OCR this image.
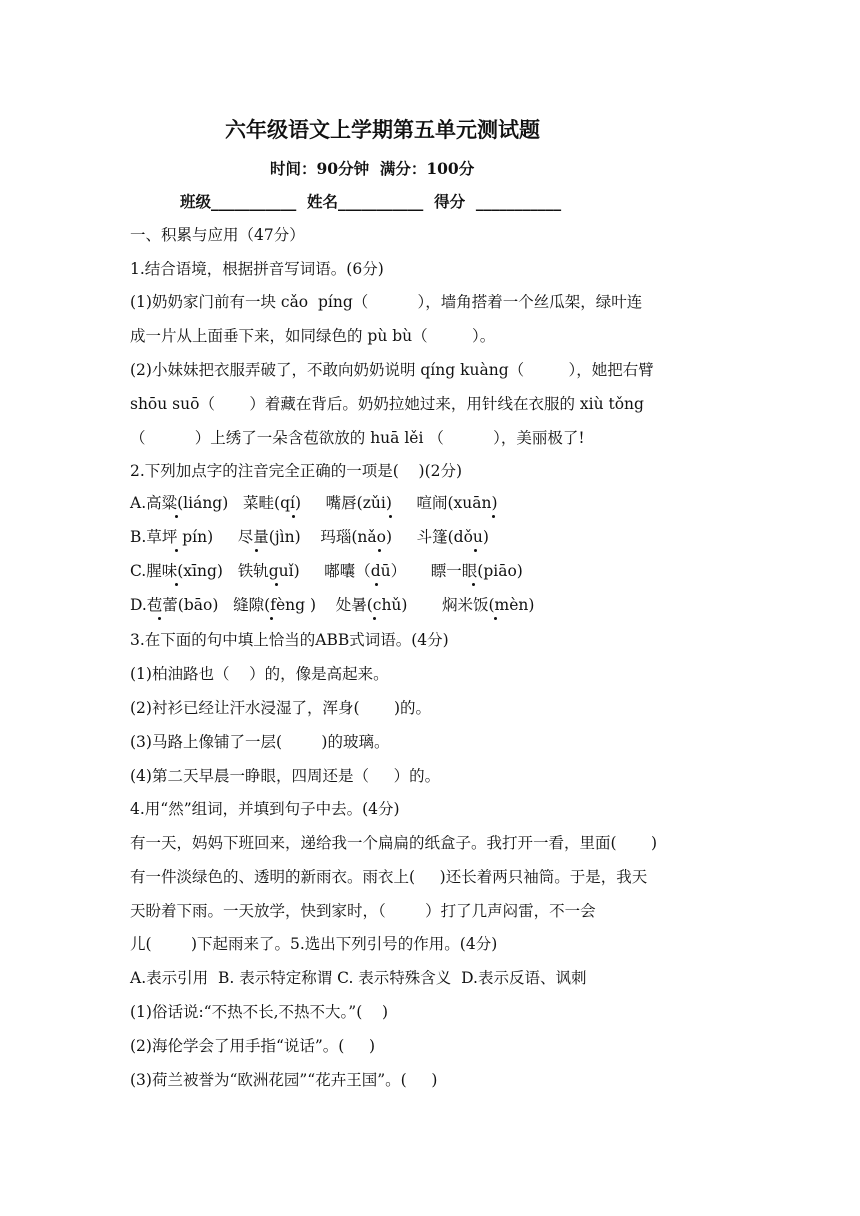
六年级语文上学期第五单元测试题
时间：90分钟  满分：100分
班级___________  姓名___________  得分  ___________
一、积累与应用（47分）
1.结合语境，根据拼音写词语。(6分)
(1)奶奶家门前有一块 cǎo  píng（          ），墙角搭着一个丝瓜架，绿叶连
成一片从上面垂下来，如同绿色的 pù bù（         ）。
(2)小妹妹把衣服弄破了，不敢向奶奶说明 qíng kuàng（         ），她把右臂
shōu suō（       ）着藏在背后。奶奶拉她过来，用针线在衣服的 xiù tǒng
（          ）上绣了一朵含苞欲放的 huā lěi （          ），美丽极了!
2.下列加点字的注音完全正确的一项是(    )(2分)
A.高粱(liáng)   菜畦(qí)     嘴唇(zǔi)     喧闹(xuān)
B.草坪 pín)     尽量(jìn)    玛瑙(nǎo)     斗篷(dǒu)
C.腥味(xīng)   铁轨guǐ)     嘟囔（dū）     瞟一眼(piāo)
D.苞蕾(bāo)   缝隙(fèng )    处暑(chǔ)       焖米饭(mèn)
3.在下面的句中填上恰当的ABB式词语。(4分)
(1)柏油路也（    ）的，像是高起来。
(2)衬衫已经让汗水浸湿了，浑身(       )的。
(3)马路上像铺了一层(        )的玻璃。
(4)第二天早晨一睁眼，四周还是（     ）的。
4.用“然”组词，并填到句子中去。(4分)
有一天，妈妈下班回来，递给我一个扁扁的纸盒子。我打开一看，里面(       )
有一件淡绿色的、透明的新雨衣。雨衣上(     )还长着两只袖筒。于是，我天
天盼着下雨。一天放学，快到家时，（        ）打了几声闷雷，不一会
儿(        )下起雨来了。5.选出下列引号的作用。(4分)
A.表示引用  B. 表示特定称谓 C. 表示特殊含义  D.表示反语、讽刺
(1)俗话说:“不热不长,不热不大。”(    )
(2)海伦学会了用手指“说话”。(     )
(3)荷兰被誉为“欧洲花园”“花卉王国”。(     )
